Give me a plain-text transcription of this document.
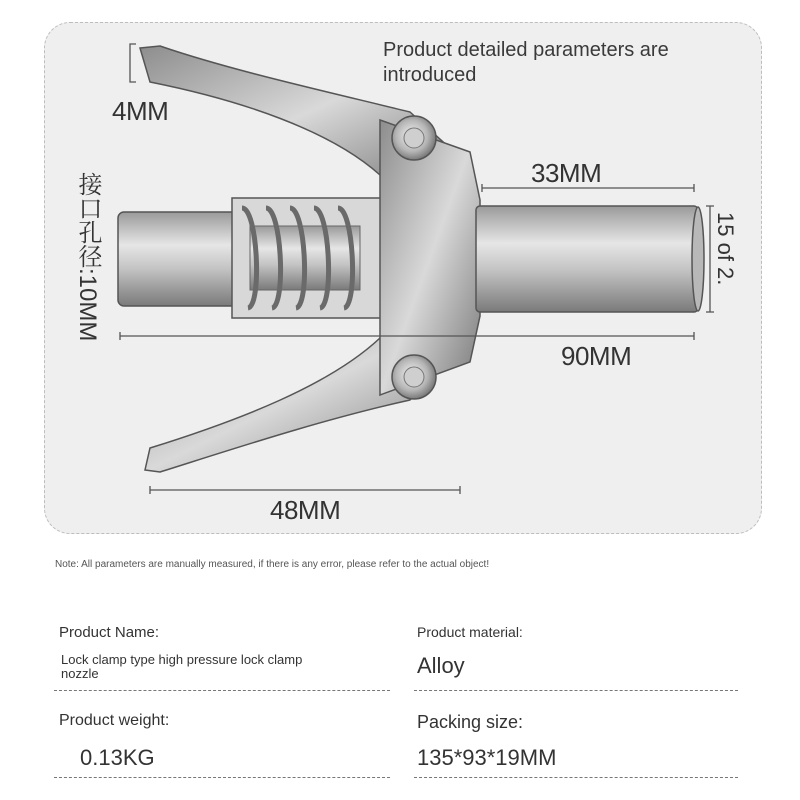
Product detailed parameters are introduced
4MM
接口孔径:10MM	33MM
15 of 2.
90MM
48MM
Note: All parameters are manually measured, if there is any error, please refer to the actual object!
Product Name:
Lock clamp type high pressure lock clamp nozzle
Product material:
Alloy
Product weight:
0.13KG
Packing size:
135*93*19MM
